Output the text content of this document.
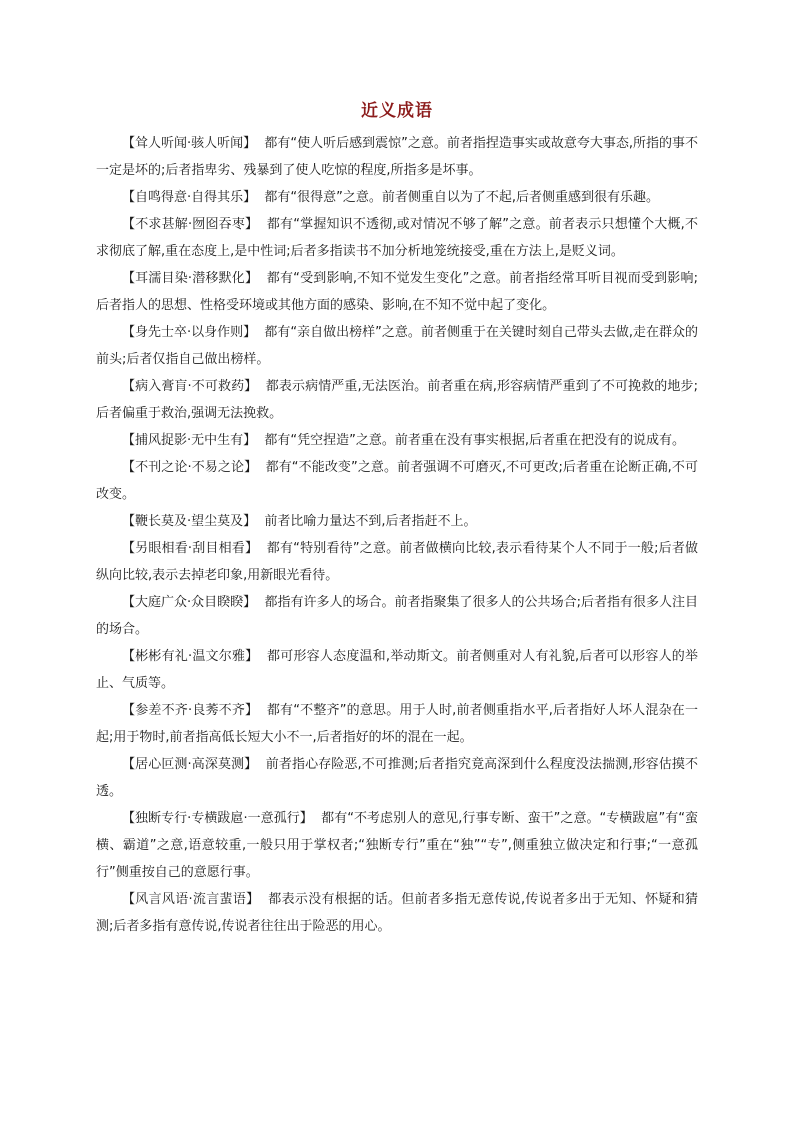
近义成语

【耸人听闻·骇人听闻】 都有“使人听后感到震惊”之意。前者指捏造事实或故意夸大事态,所指的事不一定是坏的;后者指卑劣、残暴到了使人吃惊的程度,所指多是坏事。

【自鸣得意·自得其乐】 都有“很得意”之意。前者侧重自以为了不起,后者侧重感到很有乐趣。

【不求甚解·囫囵吞枣】 都有“掌握知识不透彻,或对情况不够了解”之意。前者表示只想懂个大概,不求彻底了解,重在态度上,是中性词;后者多指读书不加分析地笼统接受,重在方法上,是贬义词。

【耳濡目染·潜移默化】 都有“受到影响,不知不觉发生变化”之意。前者指经常耳听目视而受到影响;后者指人的思想、性格受环境或其他方面的感染、影响,在不知不觉中起了变化。

【身先士卒·以身作则】 都有“亲自做出榜样”之意。前者侧重于在关键时刻自己带头去做,走在群众的前头;后者仅指自己做出榜样。

【病入膏肓·不可救药】 都表示病情严重,无法医治。前者重在病,形容病情严重到了不可挽救的地步;后者偏重于救治,强调无法挽救。

【捕风捉影·无中生有】 都有“凭空捏造”之意。前者重在没有事实根据,后者重在把没有的说成有。

【不刊之论·不易之论】 都有“不能改变”之意。前者强调不可磨灭,不可更改;后者重在论断正确,不可改变。

【鞭长莫及·望尘莫及】 前者比喻力量达不到,后者指赶不上。

【另眼相看·刮目相看】 都有“特别看待”之意。前者做横向比较,表示看待某个人不同于一般;后者做纵向比较,表示去掉老印象,用新眼光看待。

【大庭广众·众目睽睽】 都指有许多人的场合。前者指聚集了很多人的公共场合;后者指有很多人注目的场合。

【彬彬有礼·温文尔雅】 都可形容人态度温和,举动斯文。前者侧重对人有礼貌,后者可以形容人的举止、气质等。

【参差不齐·良莠不齐】 都有“不整齐”的意思。用于人时,前者侧重指水平,后者指好人坏人混杂在一起;用于物时,前者指高低长短大小不一,后者指好的坏的混在一起。

【居心叵测·高深莫测】 前者指心存险恶,不可推测;后者指究竟高深到什么程度没法揣测,形容估摸不透。

【独断专行·专横跋扈·一意孤行】 都有“不考虑别人的意见,行事专断、蛮干”之意。“专横跋扈”有“蛮横、霸道”之意,语意较重,一般只用于掌权者;“独断专行”重在“独”“专”,侧重独立做决定和行事;“一意孤行”侧重按自己的意愿行事。

【风言风语·流言蜚语】 都表示没有根据的话。但前者多指无意传说,传说者多出于无知、怀疑和猜测;后者多指有意传说,传说者往往出于险恶的用心。
